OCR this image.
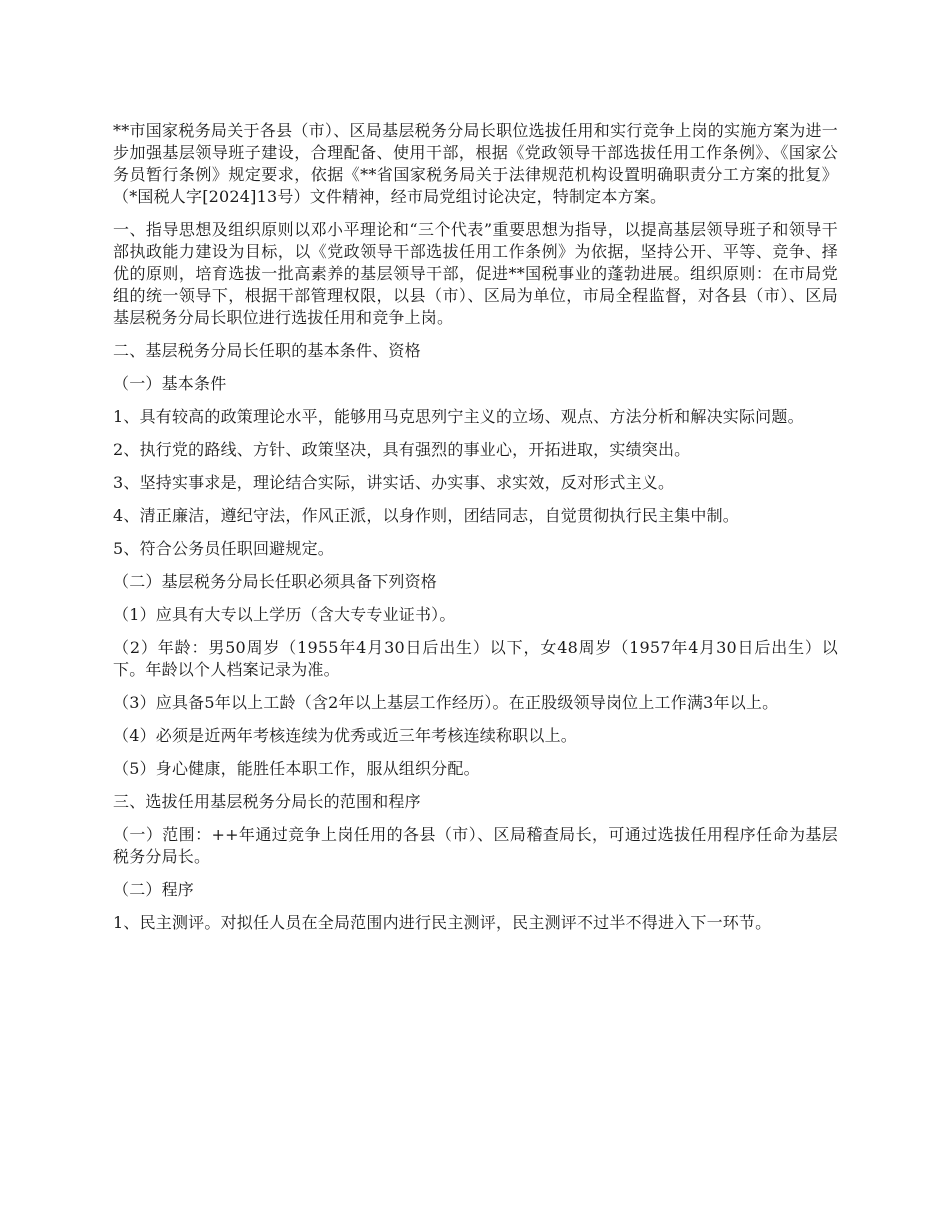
**市国家税务局关于各县（市）、区局基层税务分局长职位选拔任用和实行竞争上岗的实施方案为进一步加强基层领导班子建设，合理配备、使用干部，根据《党政领导干部选拔任用工作条例》、《国家公务员暂行条例》规定要求，依据《**省国家税务局关于法律规范机构设置明确职责分工方案的批复》（*国税人字[2024]13号）文件精神，经市局党组讨论决定，特制定本方案。

一、指导思想及组织原则以邓小平理论和“三个代表”重要思想为指导，以提高基层领导班子和领导干部执政能力建设为目标，以《党政领导干部选拔任用工作条例》为依据，坚持公开、平等、竞争、择优的原则，培育选拔一批高素养的基层领导干部，促进**国税事业的蓬勃进展。组织原则：在市局党组的统一领导下，根据干部管理权限，以县（市）、区局为单位，市局全程监督，对各县（市）、区局基层税务分局长职位进行选拔任用和竞争上岗。

二、基层税务分局长任职的基本条件、资格

（一）基本条件

1、具有较高的政策理论水平，能够用马克思列宁主义的立场、观点、方法分析和解决实际问题。

2、执行党的路线、方针、政策坚决，具有强烈的事业心，开拓进取，实绩突出。

3、坚持实事求是，理论结合实际，讲实话、办实事、求实效，反对形式主义。

4、清正廉洁，遵纪守法，作风正派，以身作则，团结同志，自觉贯彻执行民主集中制。

5、符合公务员任职回避规定。

（二）基层税务分局长任职必须具备下列资格

（1）应具有大专以上学历（含大专专业证书）。

（2）年龄：男50周岁（1955年4月30日后出生）以下，女48周岁（1957年4月30日后出生）以下。年龄以个人档案记录为准。

（3）应具备5年以上工龄（含2年以上基层工作经历）。在正股级领导岗位上工作满3年以上。

（4）必须是近两年考核连续为优秀或近三年考核连续称职以上。

（5）身心健康，能胜任本职工作，服从组织分配。

三、选拔任用基层税务分局长的范围和程序

（一）范围：++年通过竞争上岗任用的各县（市）、区局稽查局长，可通过选拔任用程序任命为基层税务分局长。

（二）程序

1、民主测评。对拟任人员在全局范围内进行民主测评，民主测评不过半不得进入下一环节。
